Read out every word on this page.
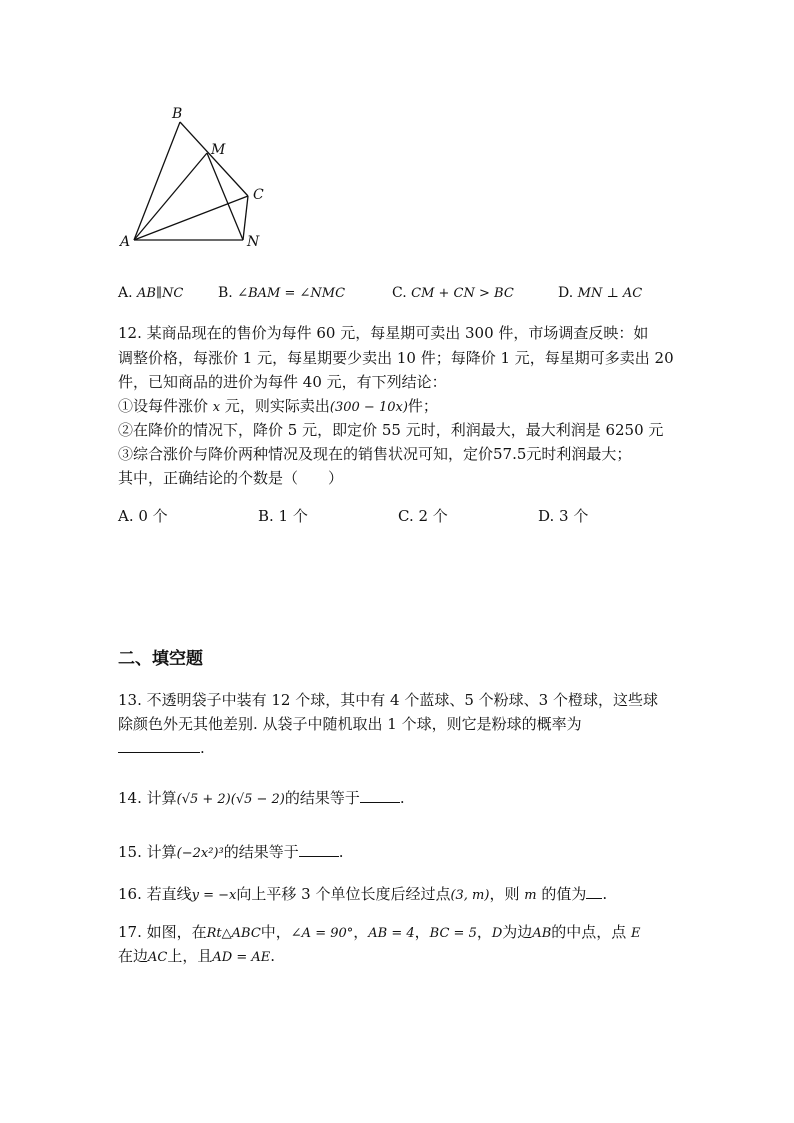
B
M
C
A	N
A. AB∥NC B. ∠BAM = ∠NMC	C. CM + CN > BC	D. MN ⊥ AC
12. 某商品现在的售价为每件 60 元，每星期可卖出 300 件，市场调查反映：如
调整价格，每涨价 1 元，每星期要少卖出 10 件；每降价 1 元，每星期可多卖出 20
件，已知商品的进价为每件 40 元，有下列结论：
①设每件涨价 x 元，则实际卖出(300 − 10x)件；
②在降价的情况下，降价 5 元，即定价 55 元时，利润最大，最大利润是 6250 元
③综合涨价与降价两种情况及现在的销售状况可知，定价57.5元时利润最大；
其中，正确结论的个数是（　　）
A. 0 个	B. 1 个	C. 2 个	D. 3 个
二、填空题
13. 不透明袋子中装有 12 个球，其中有 4 个蓝球、5 个粉球、3 个橙球，这些球
除颜色外无其他差别. 从袋子中随机取出 1 个球，则它是粉球的概率为
.
14. 计算(√5 + 2)(√5 − 2)的结果等于	.
15. 计算(−2x²)³的结果等于	.
16. 若直线y = −x向上平移 3 个单位长度后经过点(3, m)，则 m 的值为 .
17. 如图，在Rt△ABC中，∠A = 90°，AB = 4，BC = 5，D为边AB的中点，点 E
在边AC上，且AD = AE.
